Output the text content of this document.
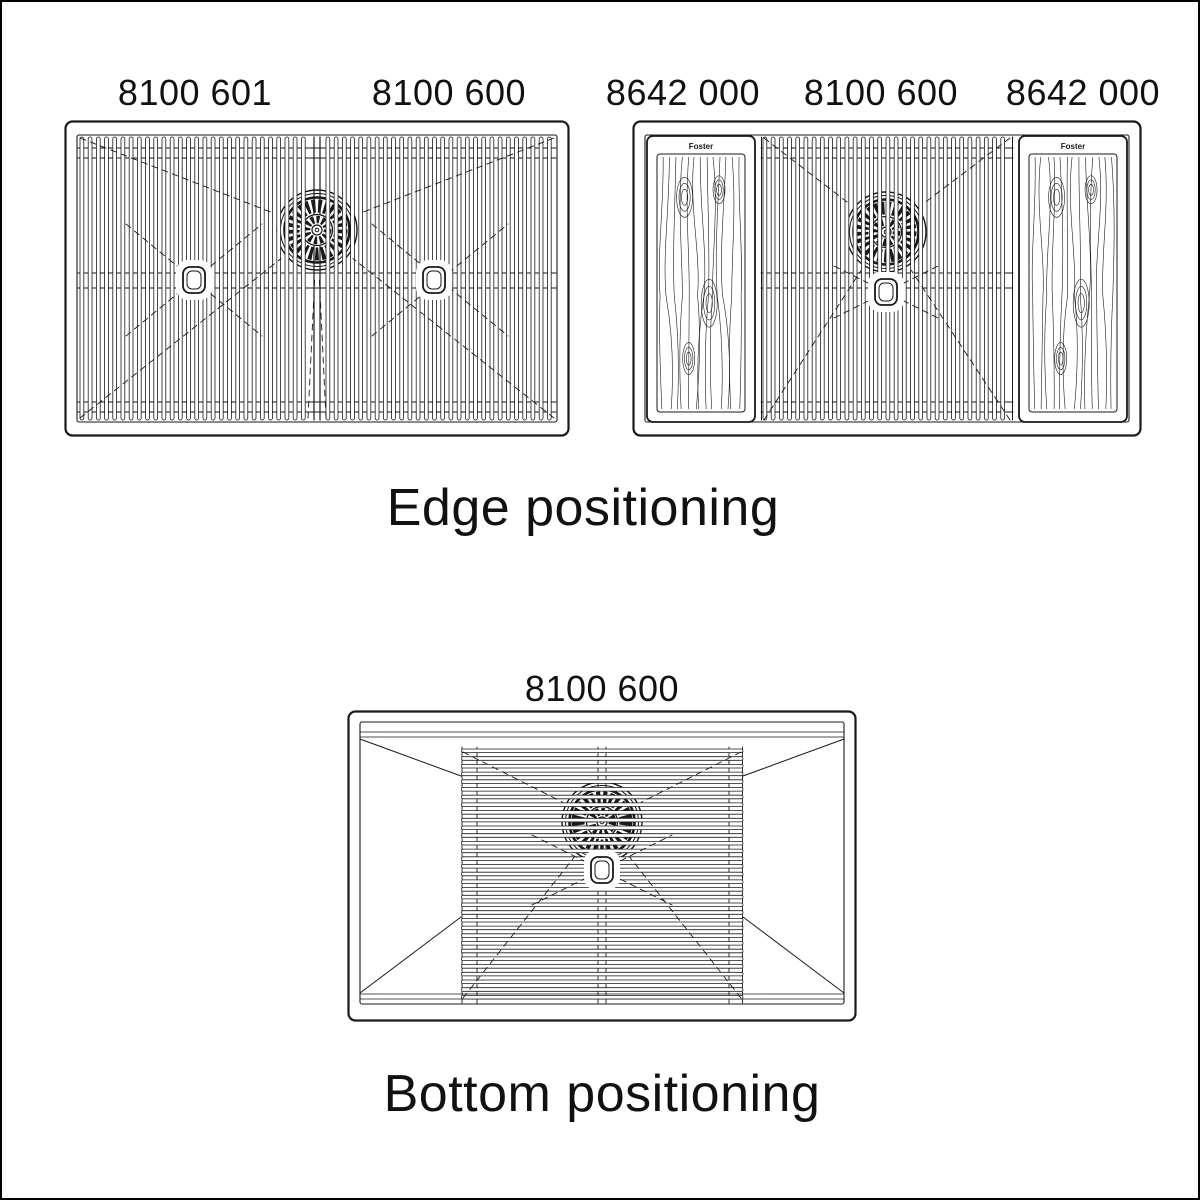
8100 601	8100 600 8642 000 8100 600 8642 000
Foster	Foster
Edge positioning
8100 600
Bottom positioning
